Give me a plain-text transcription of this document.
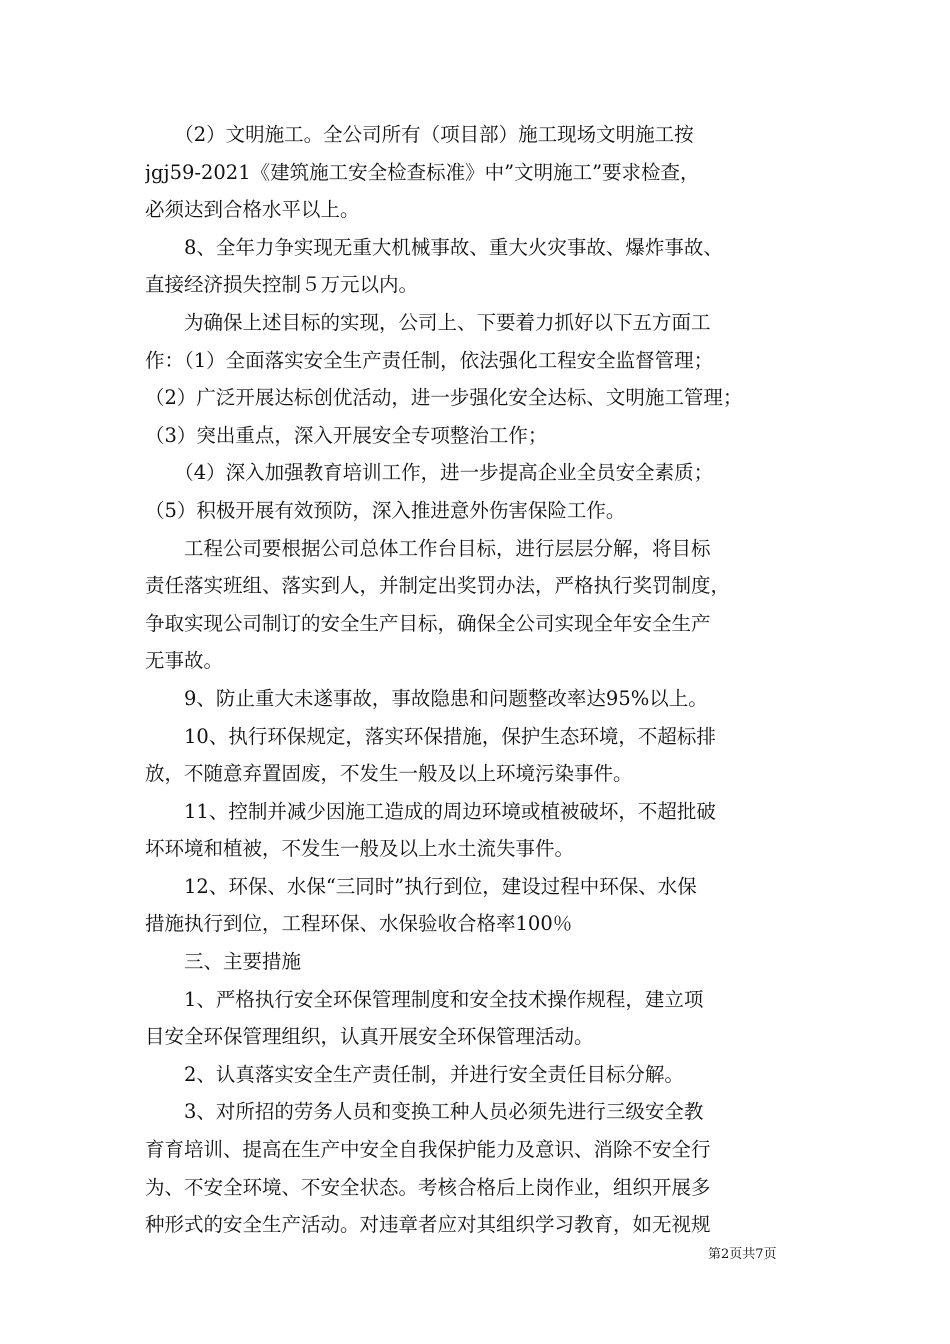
　　（2）文明施工。全公司所有（项目部）施工现场文明施工按
jgj59-2021《建筑施工安全检查标准》中”文明施工”要求检查，
必须达到合格水平以上。
　　8、全年力争实现无重大机械事故、重大火灾事故、爆炸事故、
直接经济损失控制５万元以内。
　　为确保上述目标的实现，公司上、下要着力抓好以下五方面工
作：（1）全面落实安全生产责任制，依法强化工程安全监督管理；
（2）广泛开展达标创优活动，进一步强化安全达标、文明施工管理；
（3）突出重点，深入开展安全专项整治工作；
　　（4）深入加强教育培训工作，进一步提高企业全员安全素质；
（5）积极开展有效预防，深入推进意外伤害保险工作。
　　工程公司要根据公司总体工作台目标，进行层层分解，将目标
责任落实班组、落实到人，并制定出奖罚办法，严格执行奖罚制度，
争取实现公司制订的安全生产目标，确保全公司实现全年安全生产
无事故。
　　9、防止重大未遂事故，事故隐患和问题整改率达95%以上。
　　10、执行环保规定，落实环保措施，保护生态环境，不超标排
放，不随意弃置固废，不发生一般及以上环境污染事件。
　　11、控制并减少因施工造成的周边环境或植被破坏，不超批破
坏环境和植被，不发生一般及以上水土流失事件。
　　12、环保、水保“三同时”执行到位，建设过程中环保、水保
措施执行到位，工程环保、水保验收合格率100％
　　三、主要措施
　　1、严格执行安全环保管理制度和安全技术操作规程，建立项
目安全环保管理组织，认真开展安全环保管理活动。
　　2、认真落实安全生产责任制，并进行安全责任目标分解。
　　3、对所招的劳务人员和变换工种人员必须先进行三级安全教
育育培训、提高在生产中安全自我保护能力及意识、消除不安全行
为、不安全环境、不安全状态。考核合格后上岗作业，组织开展多
种形式的安全生产活动。对违章者应对其组织学习教育，如无视规
第2页共7页
